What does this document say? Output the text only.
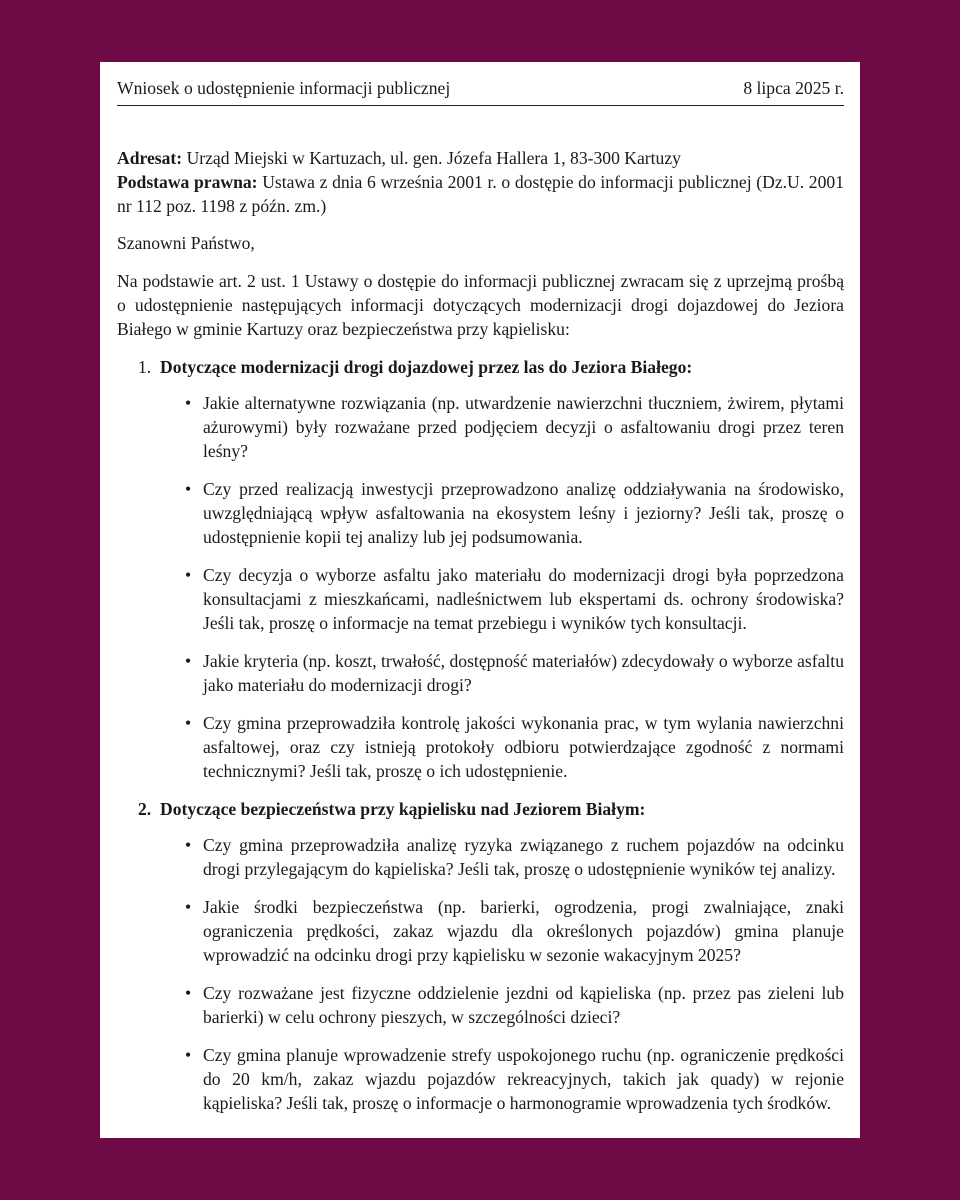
Wniosek o udostępnienie informacji publicznej	8 lipca 2025 r.

Adresat: Urząd Miejski w Kartuzach, ul. gen. Józefa Hallera 1, 83-300 Kartuzy

Podstawa prawna: Ustawa z dnia 6 września 2001 r. o dostępie do informacji publicznej (Dz.U. 2001 nr 112 poz. 1198 z późn. zm.)

Szanowni Państwo,

Na podstawie art. 2 ust. 1 Ustawy o dostępie do informacji publicznej zwracam się z uprzejmą prośbą o udostępnienie następujących informacji dotyczących modernizacji drogi dojazdowej do Jeziora Białego w gminie Kartuzy oraz bezpieczeństwa przy kąpielisku:

1. Dotyczące modernizacji drogi dojazdowej przez las do Jeziora Białego:
• Jakie alternatywne rozwiązania (np. utwardzenie nawierzchni tłuczniem, żwirem, płytami ażurowymi) były rozważane przed podjęciem decyzji o asfaltowaniu drogi przez teren leśny?
• Czy przed realizacją inwestycji przeprowadzono analizę oddziaływania na środowisko, uwzględniającą wpływ asfaltowania na ekosystem leśny i jeziorny? Jeśli tak, proszę o udostępnienie kopii tej analizy lub jej podsumowania.
• Czy decyzja o wyborze asfaltu jako materiału do modernizacji drogi była poprzedzona konsultacjami z mieszkańcami, nadleśnictwem lub ekspertami ds. ochrony środowiska? Jeśli tak, proszę o informacje na temat przebiegu i wyników tych konsultacji.
• Jakie kryteria (np. koszt, trwałość, dostępność materiałów) zdecydowały o wyborze asfaltu jako materiału do modernizacji drogi?
• Czy gmina przeprowadziła kontrolę jakości wykonania prac, w tym wylania nawierzchni asfaltowej, oraz czy istnieją protokoły odbioru potwierdzające zgodność z normami technicznymi? Jeśli tak, proszę o ich udostępnienie.
2. Dotyczące bezpieczeństwa przy kąpielisku nad Jeziorem Białym:
• Czy gmina przeprowadziła analizę ryzyka związanego z ruchem pojazdów na odcinku drogi przylegającym do kąpieliska? Jeśli tak, proszę o udostępnienie wyników tej analizy.
• Jakie środki bezpieczeństwa (np. barierki, ogrodzenia, progi zwalniające, znaki ograniczenia prędkości, zakaz wjazdu dla określonych pojazdów) gmina planuje wprowadzić na odcinku drogi przy kąpielisku w sezonie wakacyjnym 2025?
• Czy rozważane jest fizyczne oddzielenie jezdni od kąpieliska (np. przez pas zieleni lub barierki) w celu ochrony pieszych, w szczególności dzieci?
• Czy gmina planuje wprowadzenie strefy uspokojonego ruchu (np. ograniczenie prędkości do 20 km/h, zakaz wjazdu pojazdów rekreacyjnych, takich jak quady) w rejonie kąpieliska? Jeśli tak, proszę o informacje o harmonogramie wprowadzenia tych środków.
